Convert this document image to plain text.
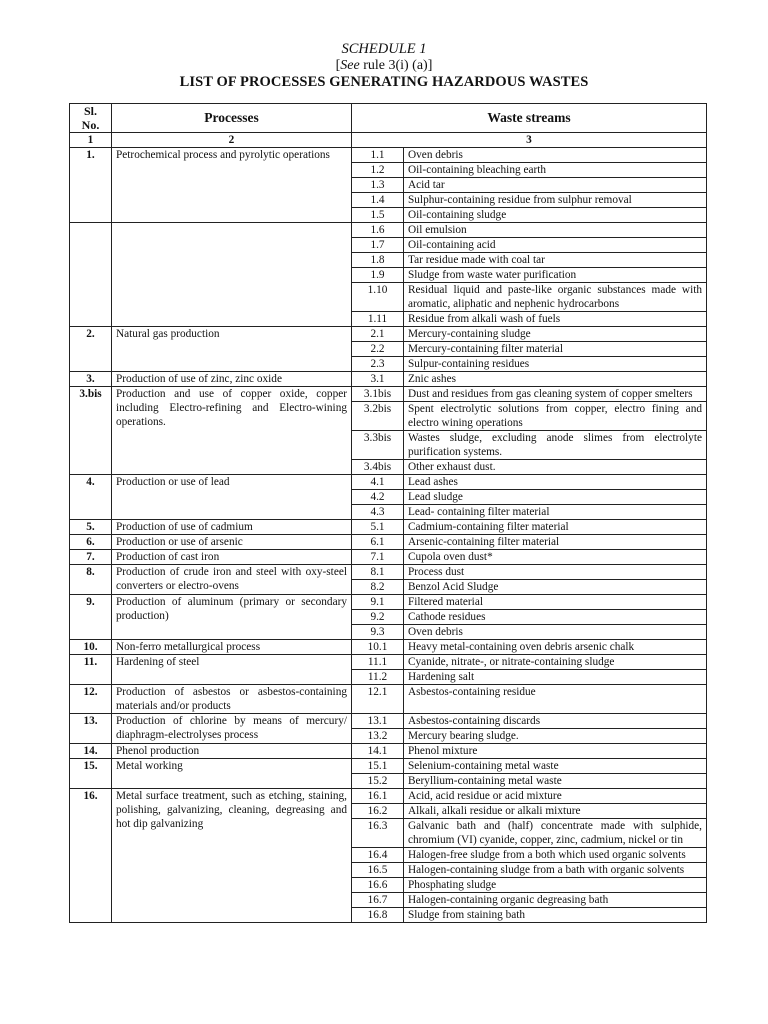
SCHEDULE 1
[See rule 3(i) (a)]
LIST OF PROCESSES GENERATING HAZARDOUS WASTES
Sl. No.	Processes	Waste streams	
1	2	3	
1.	Petrochemical process and pyrolytic operations	1.1	Oven debris
		1.2	Oil-containing bleaching earth
		1.3	Acid tar
		1.4	Sulphur-containing residue from sulphur removal
		1.5	Oil-containing sludge
		1.6	Oil emulsion
		1.7	Oil-containing acid
		1.8	Tar residue made with coal tar
		1.9	Sludge from waste water purification
		1.10	Residual liquid and paste-like organic substances made with aromatic, aliphatic and nephenic hydrocarbons
		1.11	Residue from alkali wash of fuels
2.	Natural gas production	2.1	Mercury-containing sludge
		2.2	Mercury-containing filter material
		2.3	Sulpur-containing residues
3.	Production of use of zinc, zinc oxide	3.1	Znic ashes
3.bis	Production and use of copper oxide, copper including Electro-refining and Electro-wining operations.	3.1bis	Dust and residues from gas cleaning system of copper smelters
		3.2bis	Spent electrolytic solutions from copper, electro fining and electro wining operations
		3.3bis	Wastes sludge, excluding anode slimes from electrolyte purification systems.
		3.4bis	Other exhaust dust.
4.	Production or use of lead	4.1	Lead ashes
		4.2	Lead sludge
		4.3	Lead- containing filter material
5.	Production of use of cadmium	5.1	Cadmium-containing filter material
6.	Production or use of arsenic	6.1	Arsenic-containing filter material
7.	Production of cast iron	7.1	Cupola oven dust*
8.	Production of crude iron and steel with oxy-steel converters or electro-ovens	8.1	Process dust
		8.2	Benzol Acid Sludge
9.	Production of aluminum (primary or secondary production)	9.1	Filtered material
		9.2	Cathode residues
		9.3	Oven debris
10.	Non-ferro metallurgical process	10.1	Heavy metal-containing oven debris arsenic chalk
11.	Hardening of steel	11.1	Cyanide, nitrate-, or nitrate-containing sludge
		11.2	Hardening salt
12.	Production of asbestos or asbestos-containing materials and/or products	12.1	Asbestos-containing residue
13.	Production of chlorine by means of mercury/ diaphragm-electrolyses process	13.1	Asbestos-containing discards
		13.2	Mercury bearing sludge.
14.	Phenol production	14.1	Phenol mixture
15.	Metal working	15.1	Selenium-containing metal waste
		15.2	Beryllium-containing metal waste
16.	Metal surface treatment, such as etching, staining, polishing, galvanizing, cleaning, degreasing and hot dip galvanizing	16.1	Acid, acid residue or acid mixture
		16.2	Alkali, alkali residue or alkali mixture
		16.3	Galvanic bath and (half) concentrate made with sulphide, chromium (VI) cyanide, copper, zinc, cadmium, nickel or tin
		16.4	Halogen-free sludge from a both which used organic solvents
		16.5	Halogen-containing sludge from a bath with organic solvents
		16.6	Phosphating sludge
		16.7	Halogen-containing organic degreasing bath
		16.8	Sludge from staining bath
